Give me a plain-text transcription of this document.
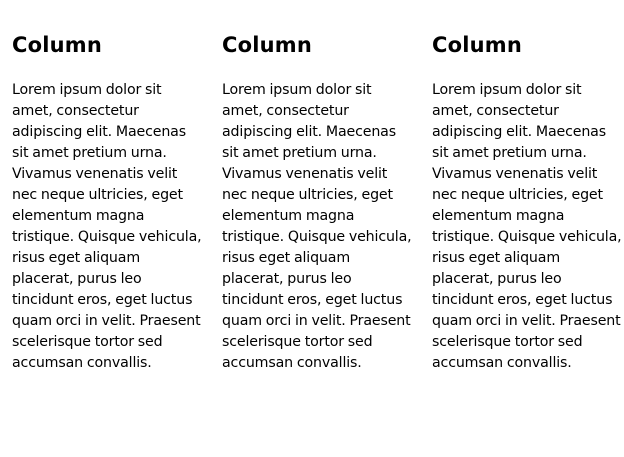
Column

Lorem ipsum dolor sit amet, consectetur adipiscing elit. Maecenas sit amet pretium urna. Vivamus venenatis velit nec neque ultricies, eget elementum magna tristique. Quisque vehicula, risus eget aliquam placerat, purus leo tincidunt eros, eget luctus quam orci in velit. Praesent scelerisque tortor sed accumsan convallis.

Column

Lorem ipsum dolor sit amet, consectetur adipiscing elit. Maecenas sit amet pretium urna. Vivamus venenatis velit nec neque ultricies, eget elementum magna tristique. Quisque vehicula, risus eget aliquam placerat, purus leo tincidunt eros, eget luctus quam orci in velit. Praesent scelerisque tortor sed accumsan convallis.

Column

Lorem ipsum dolor sit amet, consectetur adipiscing elit. Maecenas sit amet pretium urna. Vivamus venenatis velit nec neque ultricies, eget elementum magna tristique. Quisque vehicula, risus eget aliquam placerat, purus leo tincidunt eros, eget luctus quam orci in velit. Praesent scelerisque tortor sed accumsan convallis.
